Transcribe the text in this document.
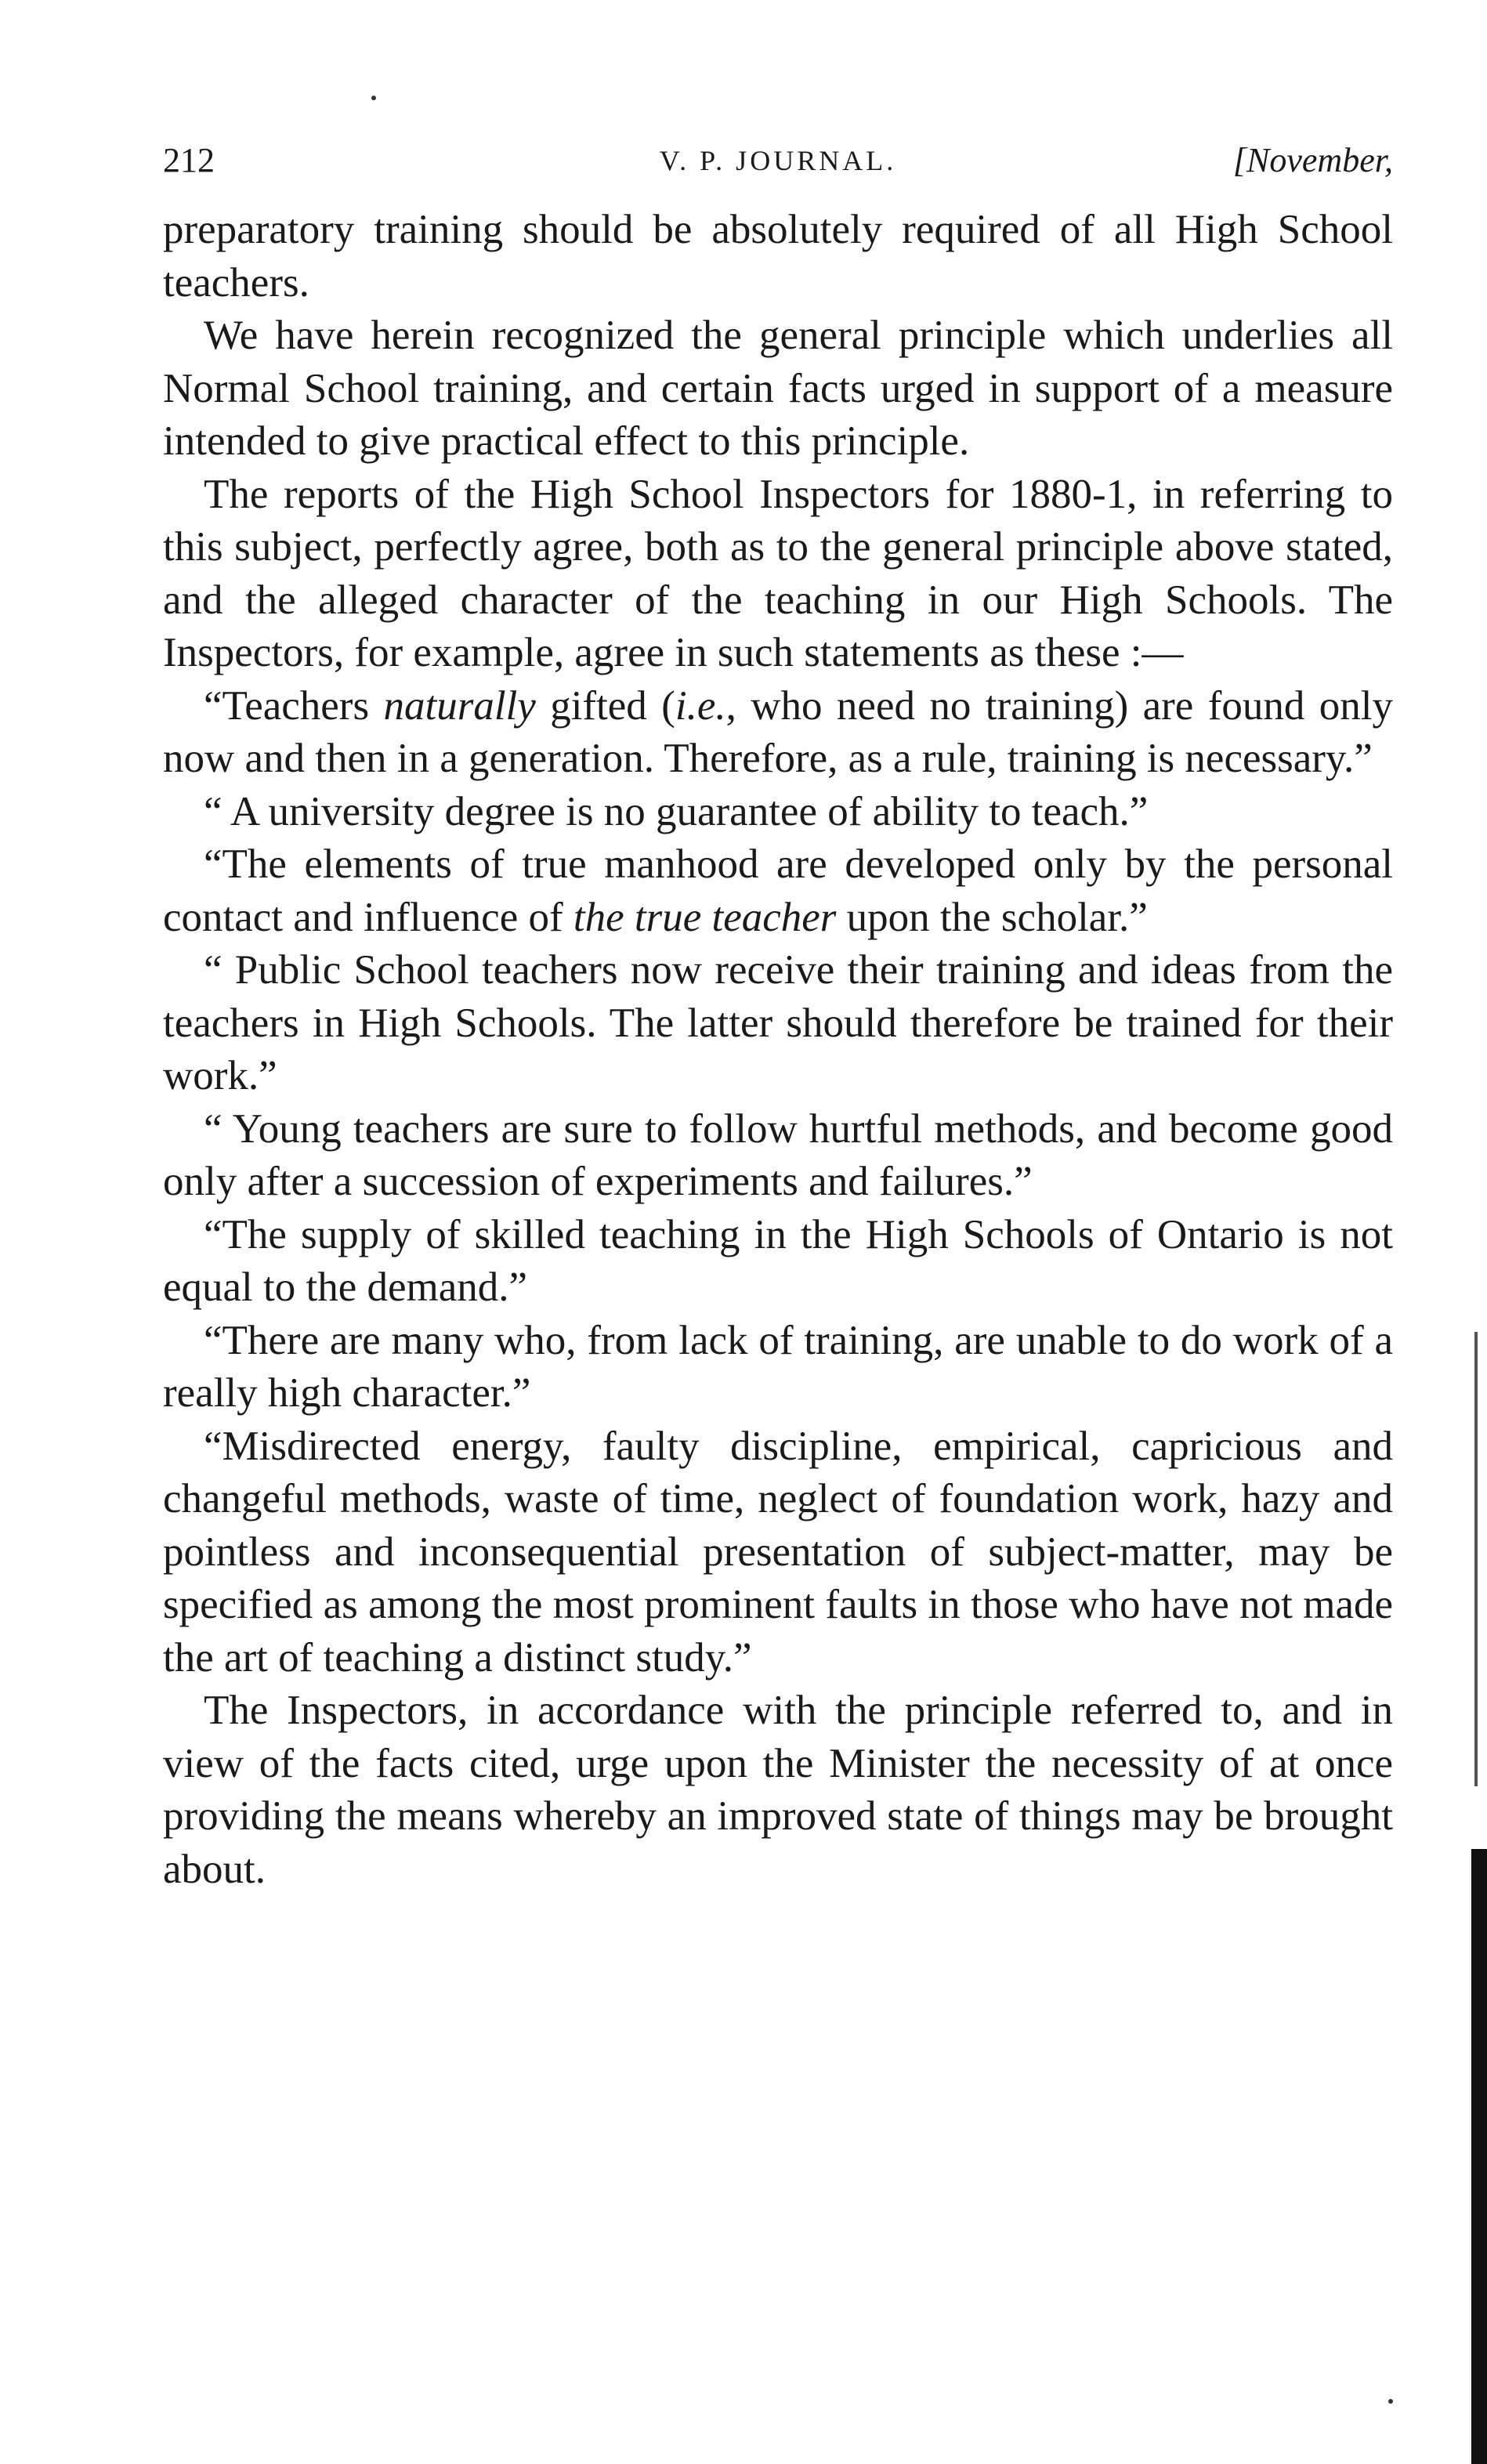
212	V. P. JOURNAL.	[November,

preparatory training should be absolutely required of all High School teachers.

We have herein recognized the general principle which underlies all Normal School training, and certain facts urged in support of a measure intended to give practical effect to this principle.

The reports of the High School Inspectors for 1880-1, in referring to this subject, perfectly agree, both as to the general principle above stated, and the alleged character of the teaching in our High Schools. The Inspectors, for example, agree in such statements as these :—

“Teachers naturally gifted (i.e., who need no training) are found only now and then in a generation. Therefore, as a rule, training is necessary.”

“ A university degree is no guarantee of ability to teach.”

“The elements of true manhood are developed only by the personal contact and influence of the true teacher upon the scholar.”

“ Public School teachers now receive their training and ideas from the teachers in High Schools. The latter should therefore be trained for their work.”

“ Young teachers are sure to follow hurtful methods, and become good only after a succession of experiments and failures.”

“The supply of skilled teaching in the High Schools of Ontario is not equal to the demand.”

“There are many who, from lack of training, are unable to do work of a really high character.”

“Misdirected energy, faulty discipline, empirical, capricious and changeful methods, waste of time, neglect of foundation work, hazy and pointless and inconsequential presentation of subject-matter, may be specified as among the most prominent faults in those who have not made the art of teaching a distinct study.”

The Inspectors, in accordance with the principle referred to, and in view of the facts cited, urge upon the Minister the necessity of at once providing the means whereby an improved state of things may be brought about.
